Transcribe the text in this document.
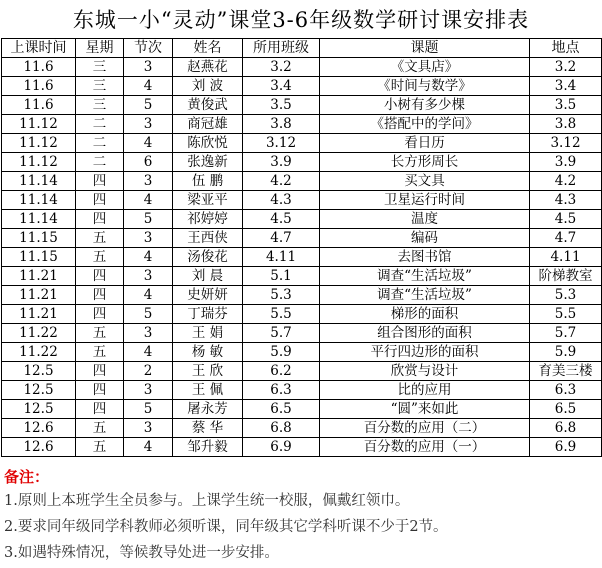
东城一小“灵动”课堂3-6年级数学研讨课安排表
上课时间	星期	节次	姓名	所用班级	课题	地点
11.6	三	3	赵燕花	3.2	《文具店》	3.2
11.6	三	4	刘 波	3.4	《时间与数学》	3.4
11.6	三	5	黄俊武	3.5	小树有多少棵	3.5
11.12	二	3	商冠雄	3.8	《搭配中的学问》	3.8
11.12	二	4	陈欣悦	3.12	看日历	3.12
11.12	二	6	张逸新	3.9	长方形周长	3.9
11.14	四	3	伍 鹏	4.2	买文具	4.2
11.14	四	4	梁亚平	4.3	卫星运行时间	4.3
11.14	四	5	祁婷婷	4.5	温度	4.5
11.15	五	3	王西侠	4.7	编码	4.7
11.15	五	4	汤俊花	4.11	去图书馆	4.11
11.21	四	3	刘 晨	5.1	调查“生活垃圾”	阶梯教室
11.21	四	4	史妍妍	5.3	调查“生活垃圾”	5.3
11.21	四	5	丁瑞芬	5.5	梯形的面积	5.5
11.22	五	3	王 娟	5.7	组合图形的面积	5.7
11.22	五	4	杨 敏	5.9	平行四边形的面积	5.9
12.5	四	2	王 欣	6.2	欣赏与设计	育美三楼
12.5	四	3	王 佩	6.3	比的应用	6.3
12.5	四	5	屠永芳	6.5	“圆”来如此	6.5
12.6	五	3	蔡 华	6.8	百分数的应用（二）	6.8
12.6	五	4	邹升毅	6.9	百分数的应用（一）	6.9
备注：
1.原则上本班学生全员参与。上课学生统一校服，佩戴红领巾。
2.要求同年级同学科教师必须听课，同年级其它学科听课不少于2节。
3.如遇特殊情况，等候教导处进一步安排。
